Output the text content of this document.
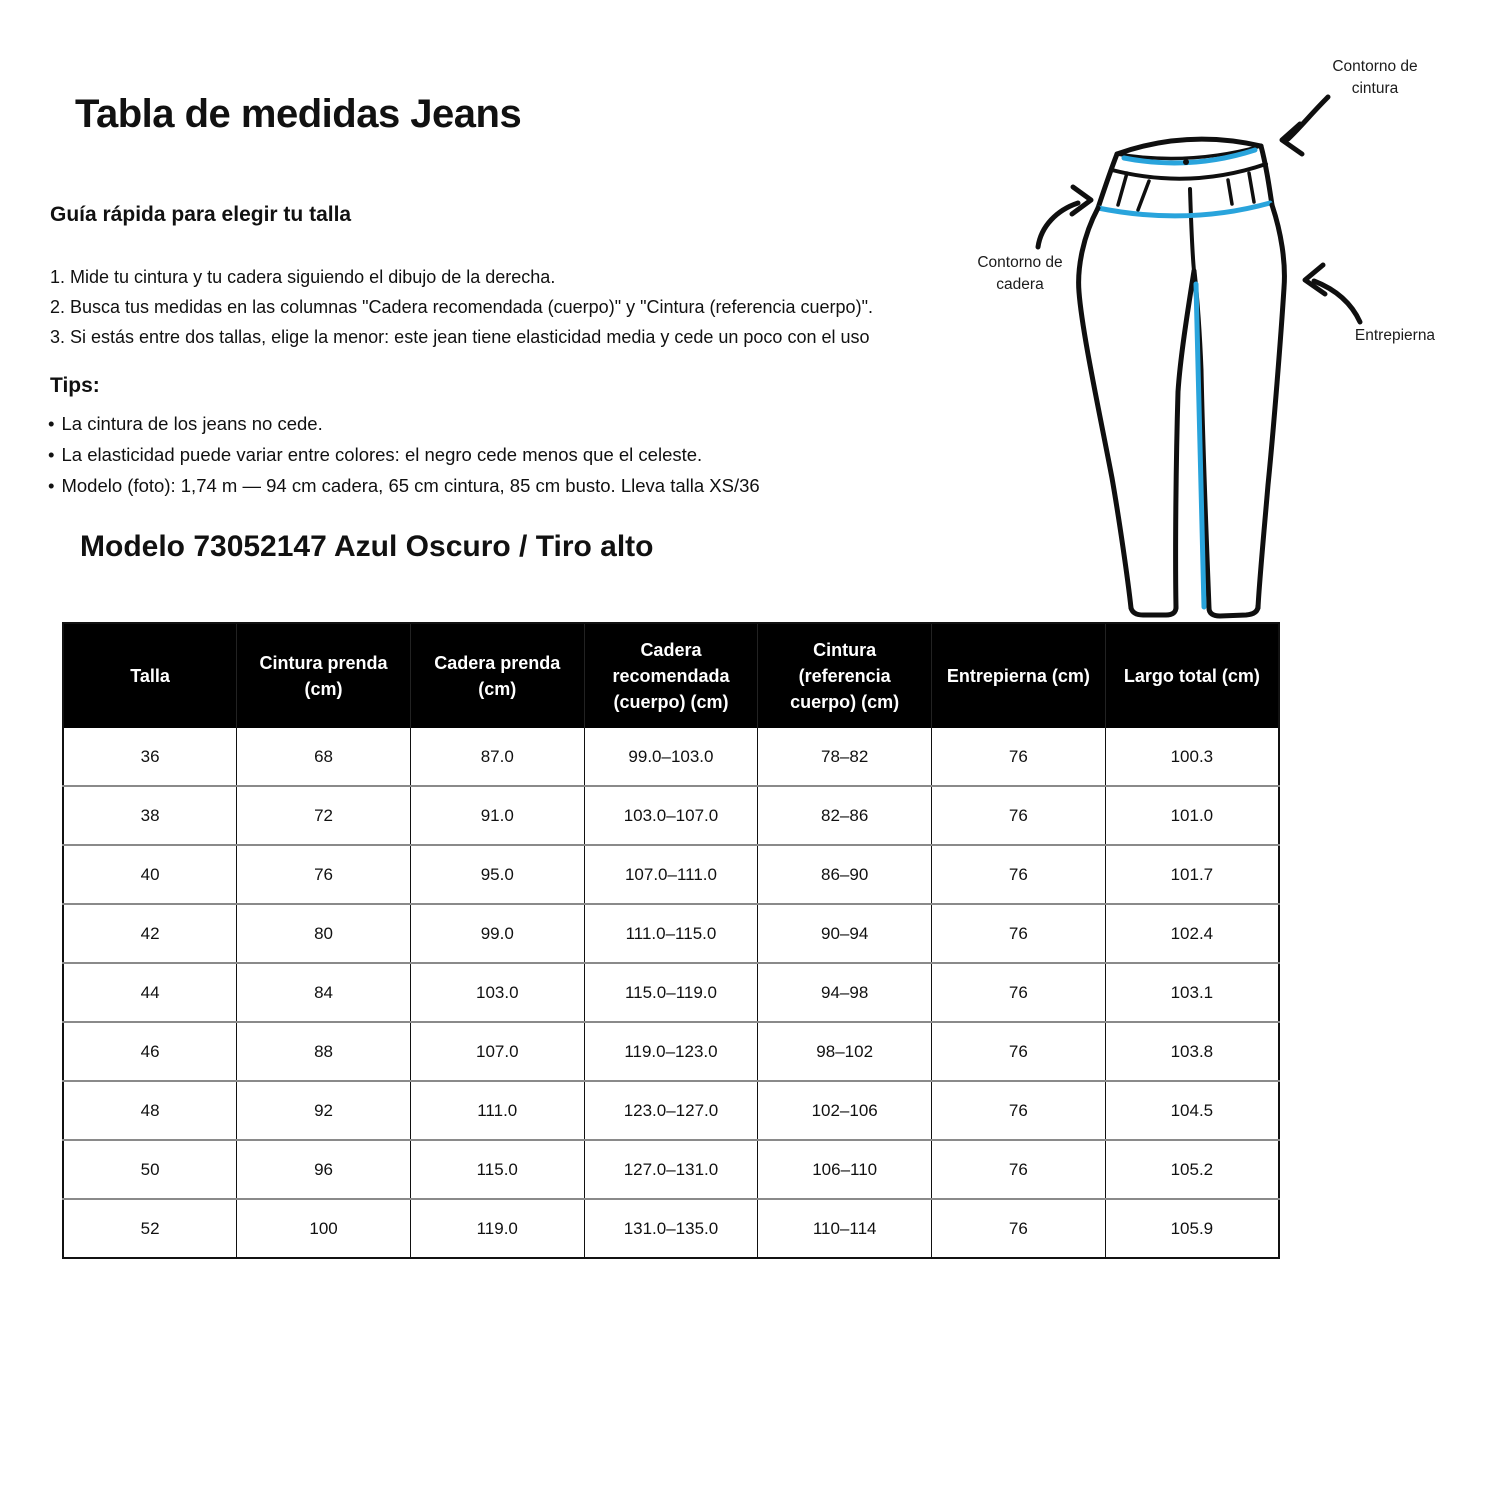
Tabla de medidas Jeans
Guía rápida para elegir tu talla

1. Mide tu cintura y tu cadera siguiendo el dibujo de la derecha.

2. Busca tus medidas en las columnas "Cadera recomendada (cuerpo)" y "Cintura (referencia cuerpo)".

3. Si estás entre dos tallas, elige la menor: este jean tiene elasticidad media y cede un poco con el uso

Tips:
• La cintura de los jeans no cede.
• La elasticidad puede variar entre colores: el negro cede menos que el celeste.
• Modelo (foto): 1,74 m — 94 cm cadera, 65 cm cintura, 85 cm busto. Lleva talla XS/36
Modelo 73052147 Azul Oscuro / Tiro alto
Talla	Cintura prenda (cm)	Cadera prenda (cm)	Cadera recomendada (cuerpo) (cm)	Cintura (referencia cuerpo) (cm)	Entrepierna (cm)	Largo total (cm)
36	68	87.0	99.0–103.0	78–82	76	100.3
38	72	91.0	103.0–107.0	82–86	76	101.0
40	76	95.0	107.0–111.0	86–90	76	101.7
42	80	99.0	111.0–115.0	90–94	76	102.4
44	84	103.0	115.0–119.0	94–98	76	103.1
46	88	107.0	119.0–123.0	98–102	76	103.8
48	92	111.0	123.0–127.0	102–106	76	104.5
50	96	115.0	127.0–131.0	106–110	76	105.2
52	100	119.0	131.0–135.0	110–114	76	105.9
Contorno de cintura
Contorno de cadera
Entrepierna
